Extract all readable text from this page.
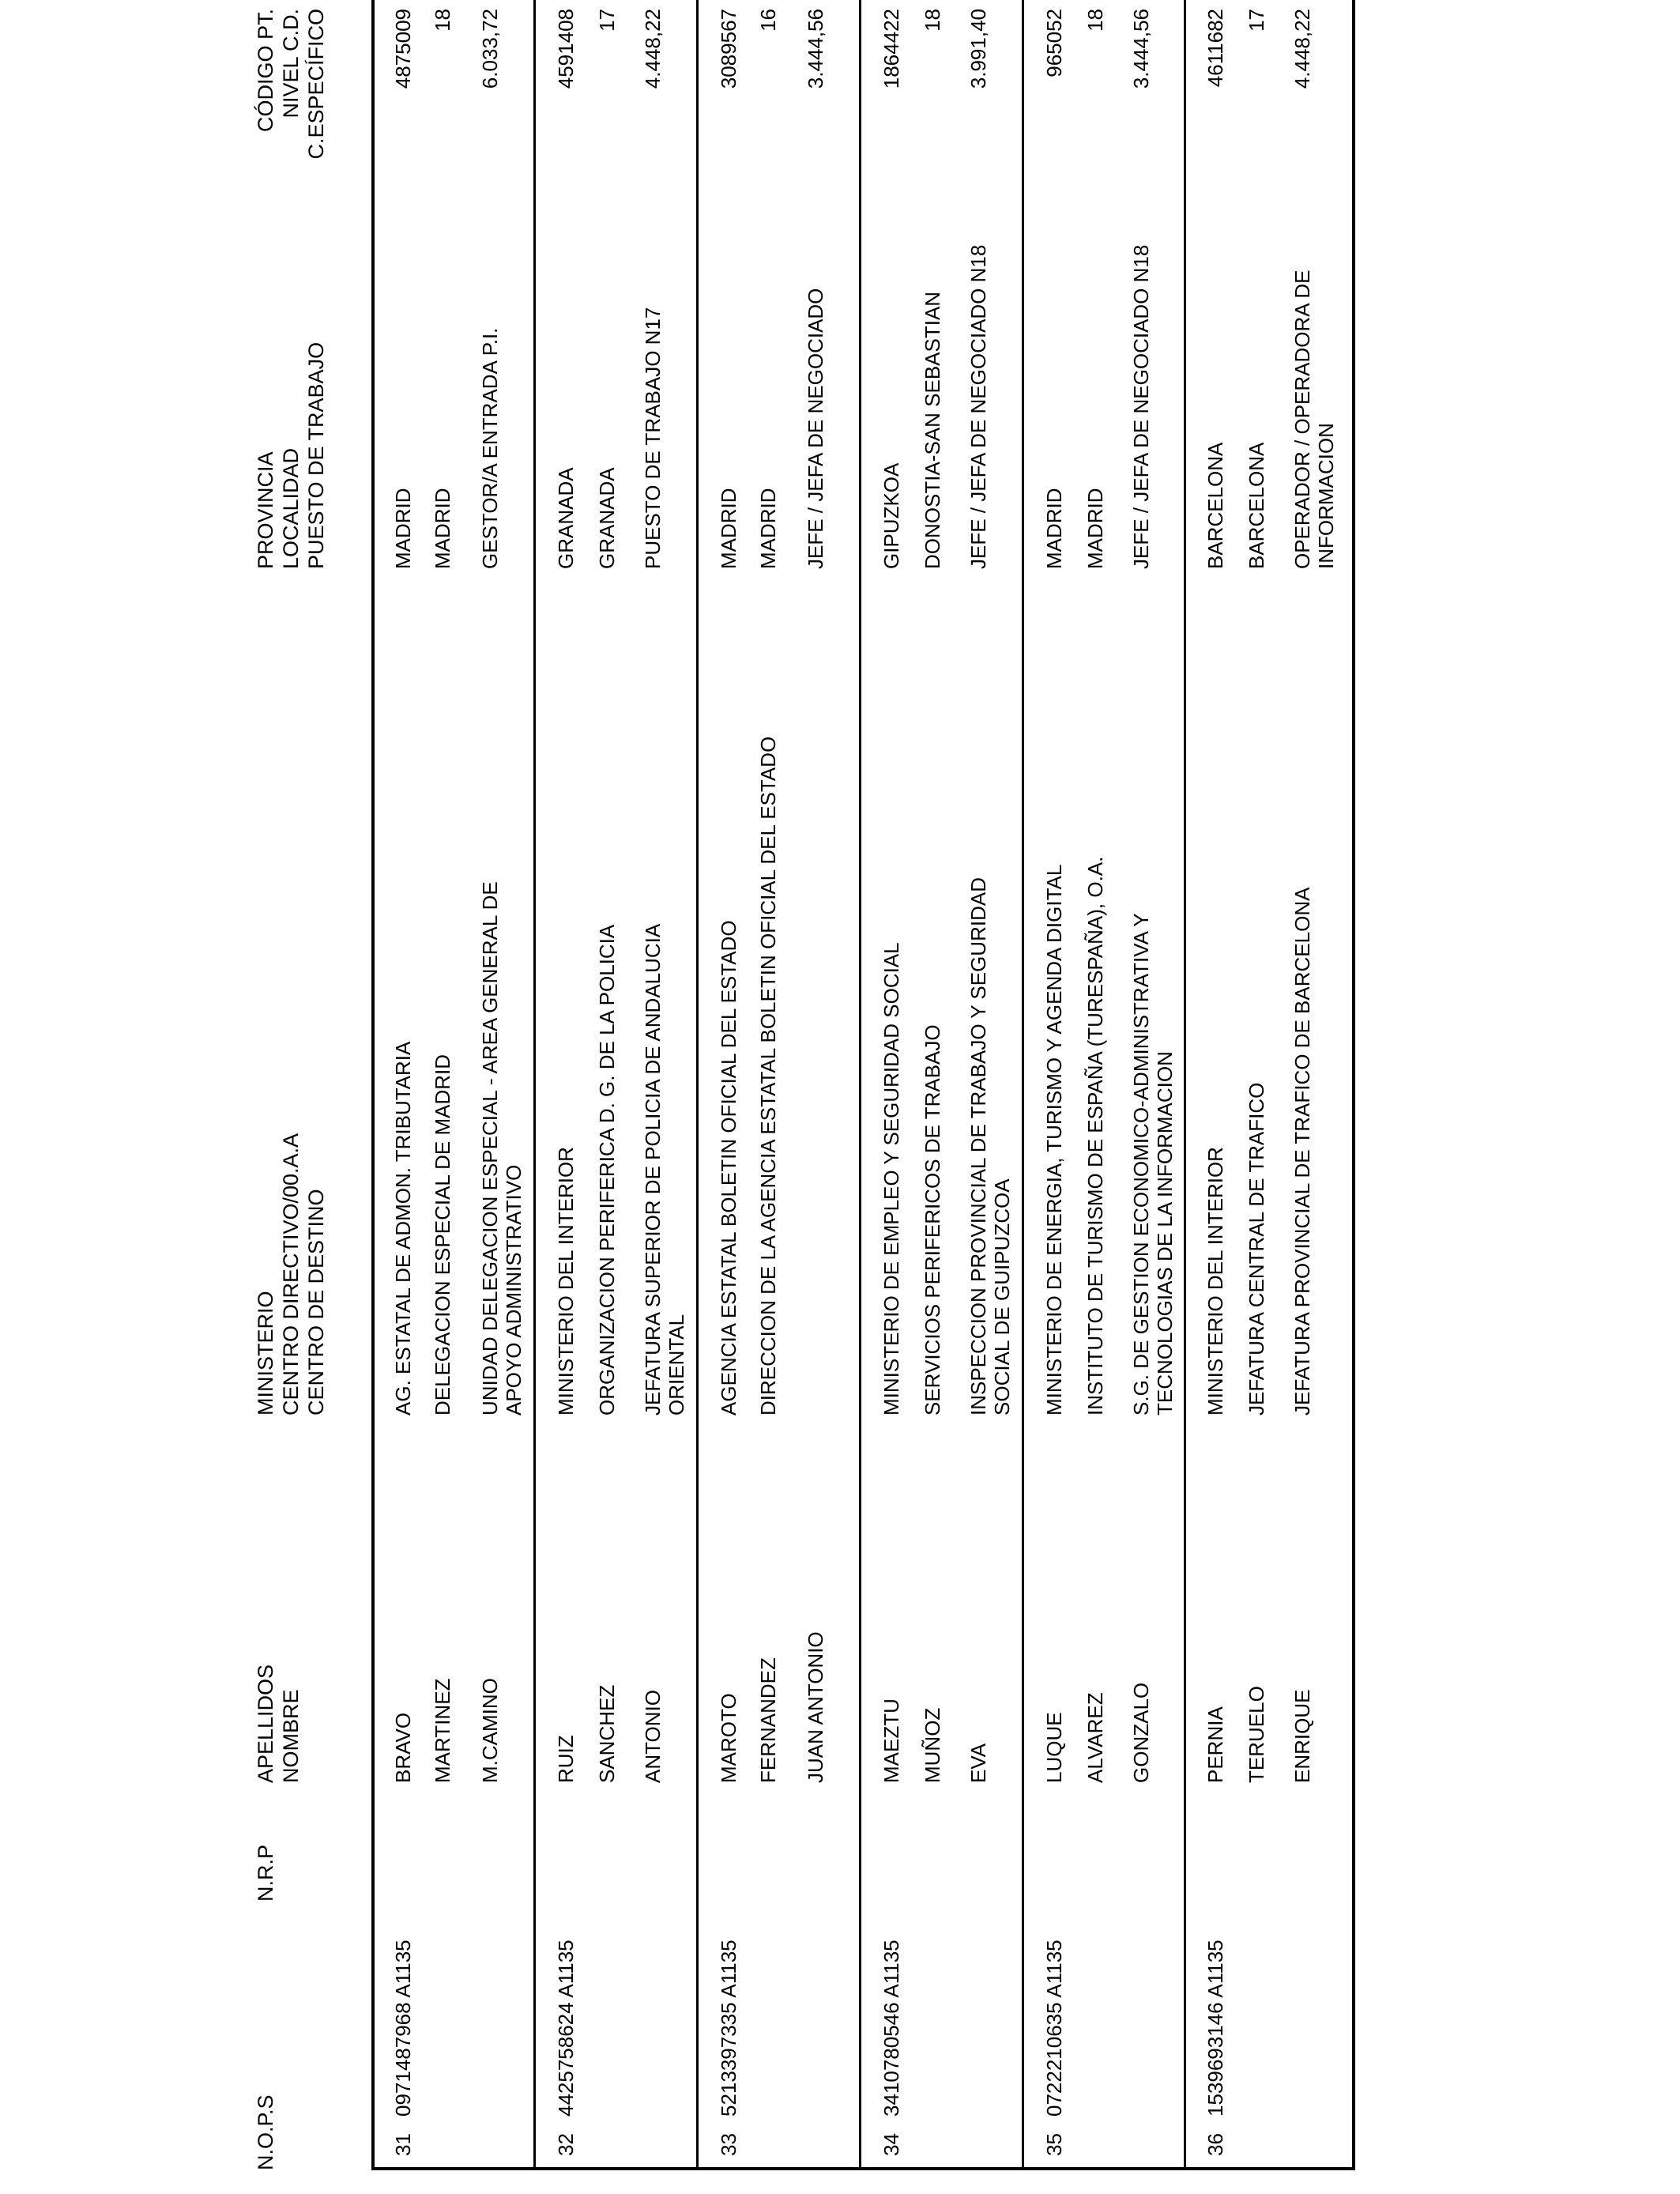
N.O.P.S
N.R.P
APELLIDOS NOMBRE
MINISTERIO CENTRO DIRECTIVO/00.A.A CENTRO DE DESTINO
PROVINCIA LOCALIDAD PUESTO DE TRABAJO
CÓDIGO PT. NIVEL C.D. C.ESPECÍFICO
31
0971487968 A1135
BRAVO MARTINEZ M.CAMINO
AG. ESTATAL DE ADMON. TRIBUTARIA DELEGACION ESPECIAL DE MADRID UNIDAD DELEGACION ESPECIAL - AREA GENERAL DE APOYO ADMINISTRATIVO
MADRID MADRID GESTOR/A ENTRADA P.I.
4875009 18 6.033,72
32
4425758624 A1135
RUIZ SANCHEZ ANTONIO
MINISTERIO DEL INTERIOR ORGANIZACION PERIFERICA D. G. DE LA POLICIA JEFATURA SUPERIOR DE POLICIA DE ANDALUCIA ORIENTAL
GRANADA GRANADA PUESTO DE TRABAJO N17
4591408 17 4.448,22
33
5213397335 A1135
MAROTO FERNANDEZ JUAN ANTONIO
AGENCIA ESTATAL BOLETIN OFICIAL DEL ESTADO DIRECCION DE LA AGENCIA ESTATAL BOLETIN OFICIAL DEL ESTADO
MADRID MADRID JEFE / JEFA DE NEGOCIADO
3089567 16 3.444,56
34
3410780546 A1135
MAEZTU MUÑOZ EVA
MINISTERIO DE EMPLEO Y SEGURIDAD SOCIAL SERVICIOS PERIFERICOS DE TRABAJO INSPECCION PROVINCIAL DE TRABAJO Y SEGURIDAD SOCIAL DE GUIPUZCOA
GIPUZKOA DONOSTIA-SAN SEBASTIAN JEFE / JEFA DE NEGOCIADO N18
1864422 18 3.991,40
35
0722210635 A1135
LUQUE ALVAREZ GONZALO
MINISTERIO DE ENERGIA, TURISMO Y AGENDA DIGITAL INSTITUTO DE TURISMO DE ESPAÑA (TURESPAÑA), O.A. S.G. DE GESTION ECONOMICO-ADMINISTRATIVA Y TECNOLOGIAS DE LA INFORMACION
MADRID MADRID JEFE / JEFA DE NEGOCIADO N18
965052 18 3.444,56
36
1539693146 A1135
PERNIA TERUELO ENRIQUE
MINISTERIO DEL INTERIOR JEFATURA CENTRAL DE TRAFICO JEFATURA PROVINCIAL DE TRAFICO DE BARCELONA
BARCELONA BARCELONA OPERADOR / OPERADORA DE INFORMACION
4611682 17 4.448,22
